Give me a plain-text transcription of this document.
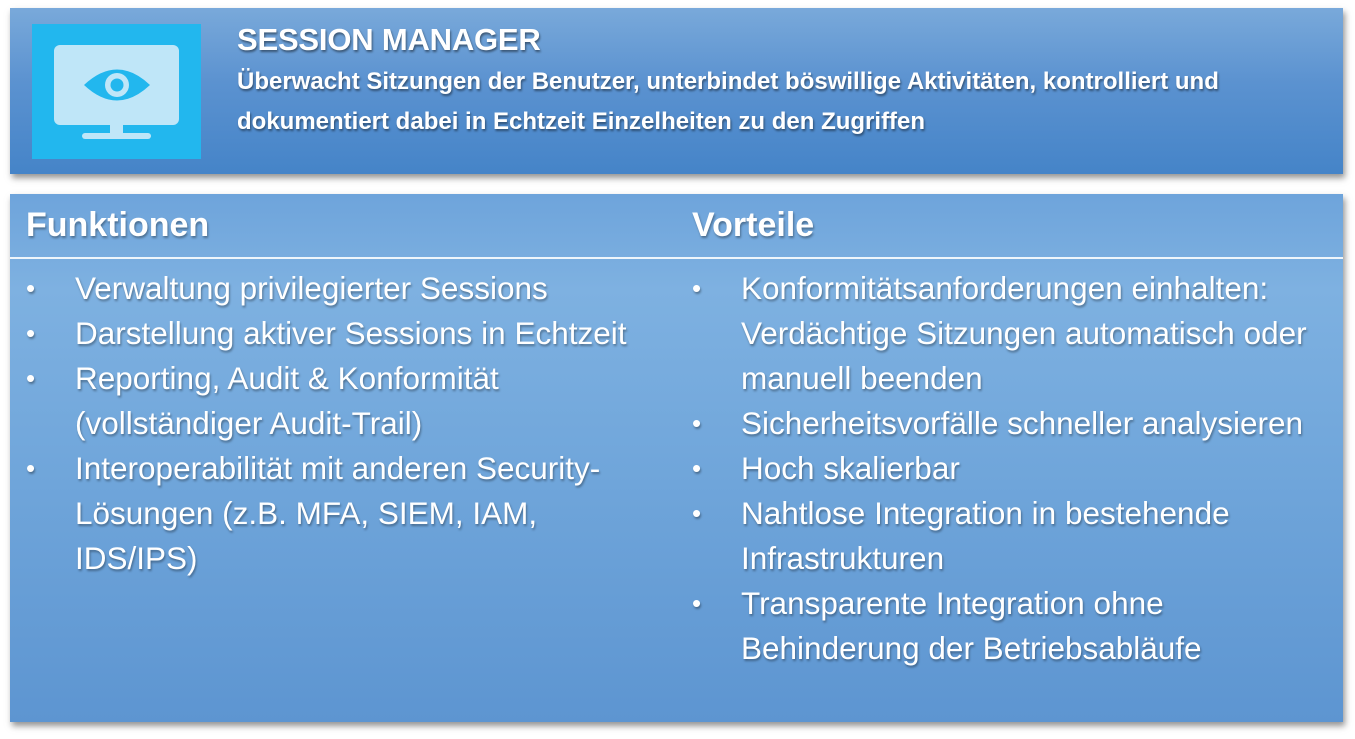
SESSION MANAGER
Überwacht Sitzungen der Benutzer, unterbindet böswillige Aktivitäten, kontrolliert und dokumentiert dabei in Echtzeit Einzelheiten zu den Zugriffen
Funktionen	Vorteile
• Verwaltung privilegierter Sessions
• Darstellung aktiver Sessions in Echtzeit
• Reporting, Audit & Konformität (vollständiger Audit-Trail)
• Interoperabilität mit anderen Security-Lösungen (z.B. MFA, SIEM, IAM, IDS/IPS)
• Konformitätsanforderungen einhalten: Verdächtige Sitzungen automatisch oder manuell beenden
• Sicherheitsvorfälle schneller analysieren
• Hoch skalierbar
• Nahtlose Integration in bestehende Infrastrukturen
• Transparente Integration ohne Behinderung der Betriebsabläufe
